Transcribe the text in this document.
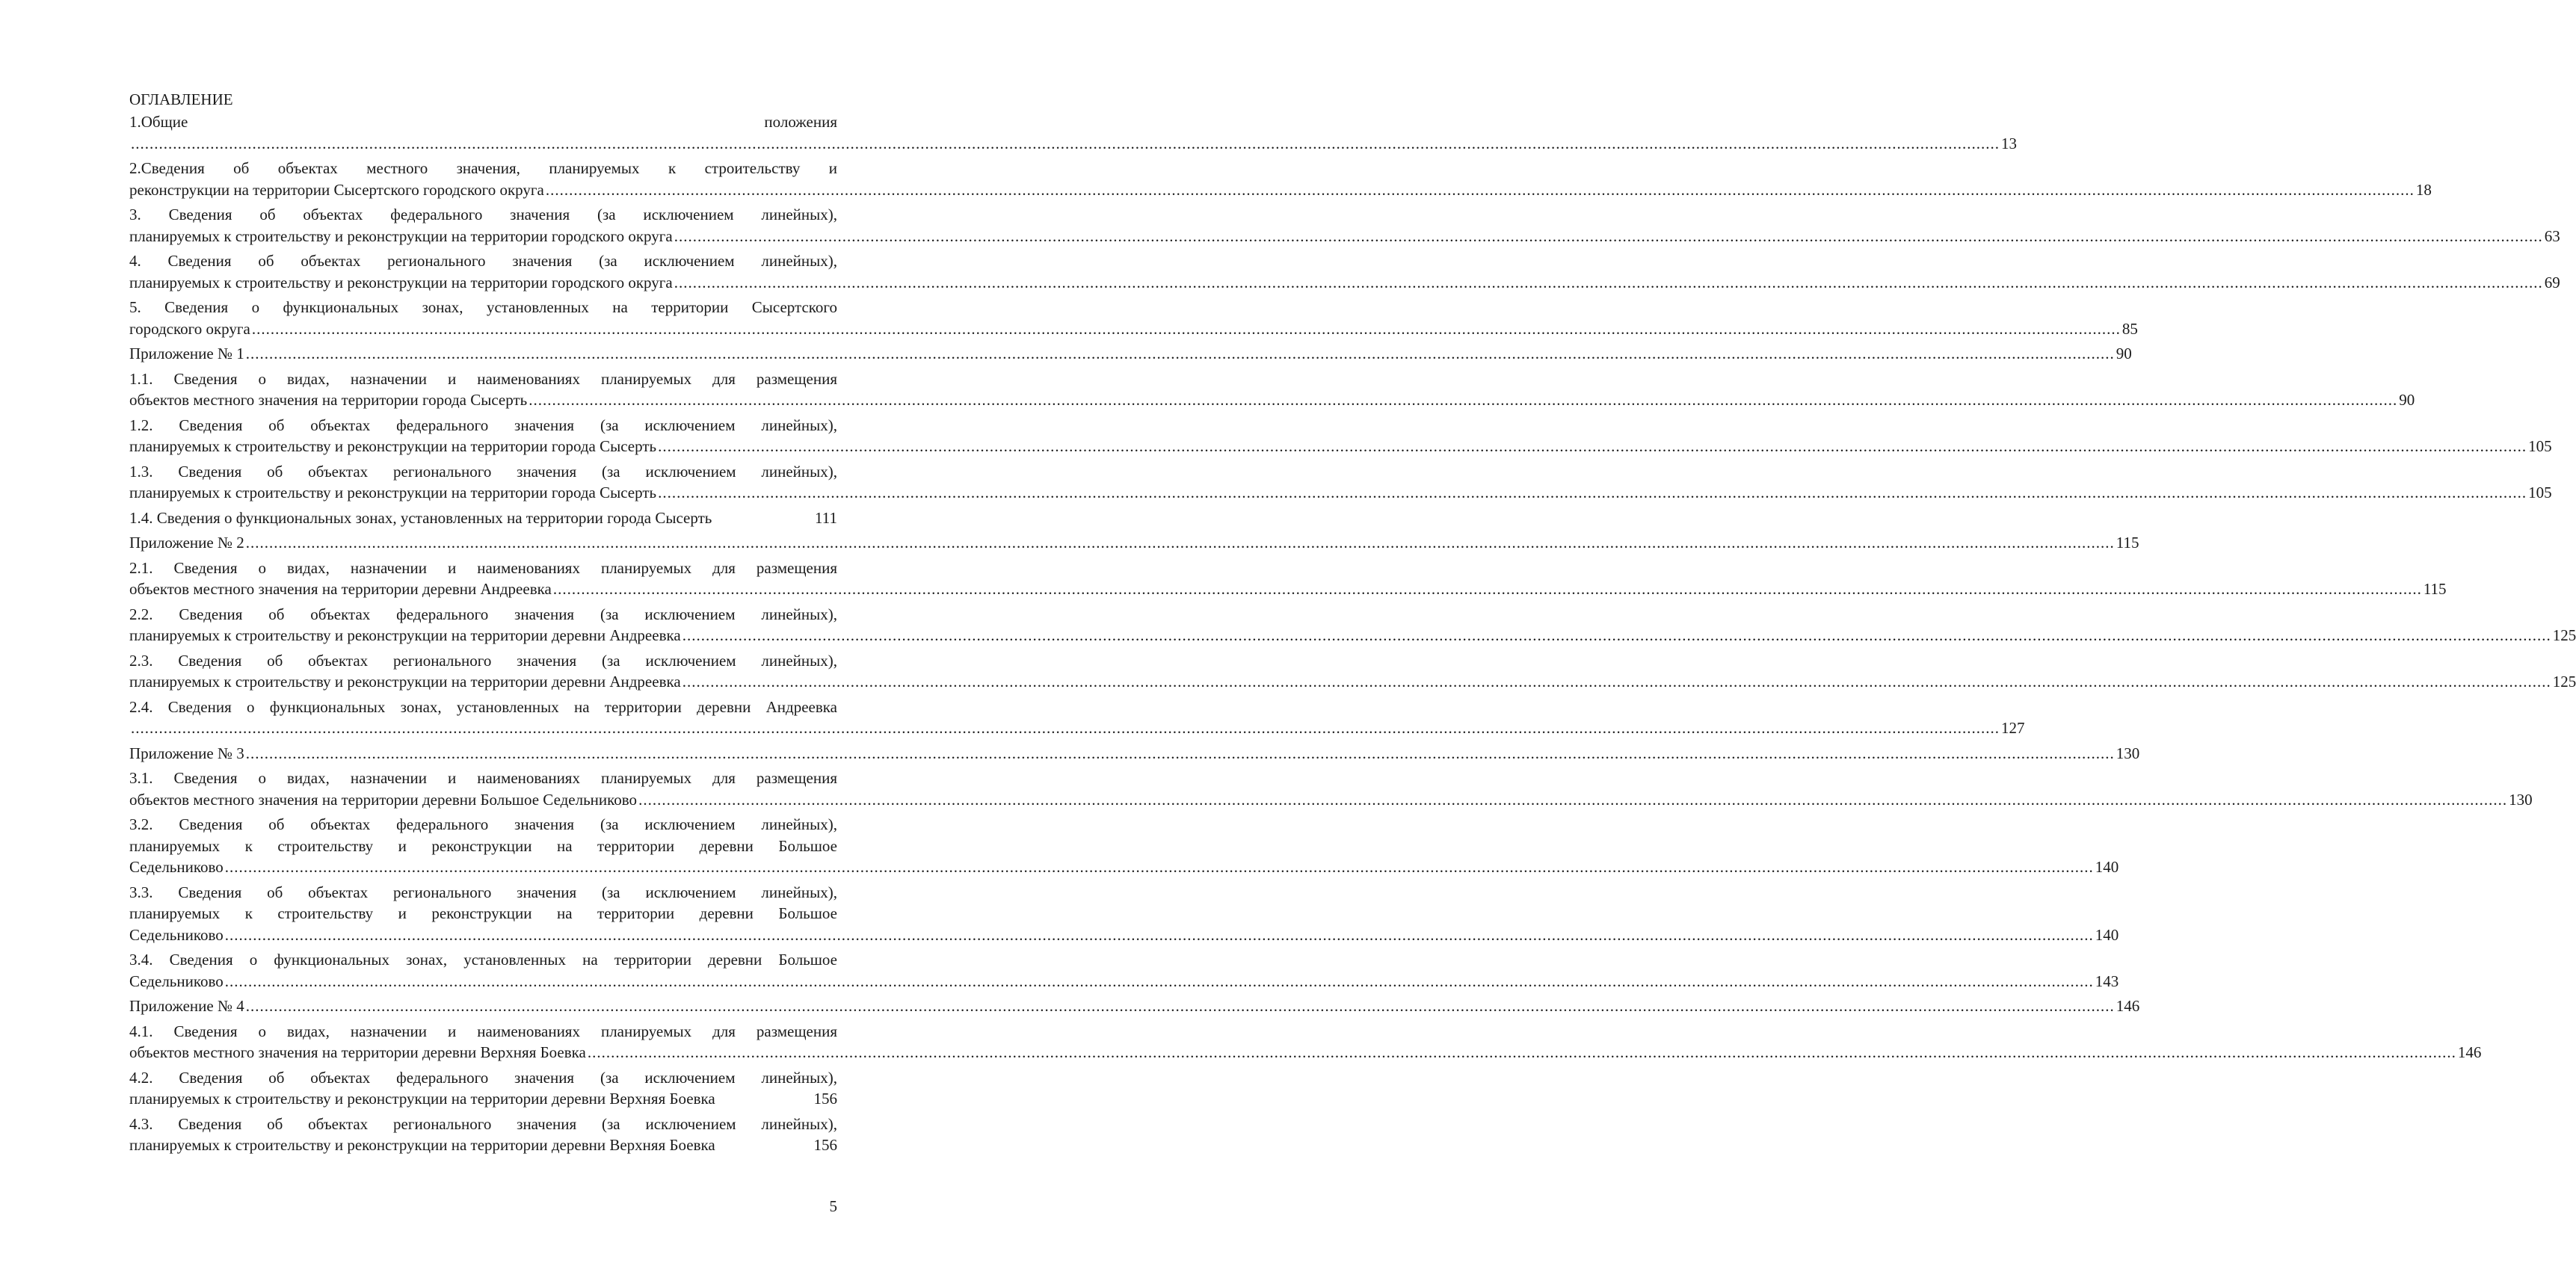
ОГЛАВЛЕНИЕ
1.Общие положения
................................................................................................................................................................................................................................................................................................................................................................................................................ 13
2.Сведения об объектах местного значения, планируемых к строительству и
реконструкции на территории Сысертского городского округа ................................................................................................................................................................................................................................................................................................................................................................................................................ 18
3. Сведения об объектах федерального значения (за исключением линейных),
планируемых к строительству и реконструкции на территории городского округа ................................................................................................................................................................................................................................................................................................................................................................................................................ 63
4. Сведения об объектах регионального значения (за исключением линейных),
планируемых к строительству и реконструкции на территории городского округа ................................................................................................................................................................................................................................................................................................................................................................................................................ 69
5. Сведения о функциональных зонах, установленных на территории Сысертского
городского округа ................................................................................................................................................................................................................................................................................................................................................................................................................ 85
Приложение № 1 ................................................................................................................................................................................................................................................................................................................................................................................................................ 90
1.1. Сведения о видах, назначении и наименованиях планируемых для размещения
объектов местного значения на территории города Сысерть ................................................................................................................................................................................................................................................................................................................................................................................................................ 90
1.2. Сведения об объектах федерального значения (за исключением линейных),
планируемых к строительству и реконструкции на территории города Сысерть ................................................................................................................................................................................................................................................................................................................................................................................................................ 105
1.3. Сведения об объектах регионального значения (за исключением линейных),
планируемых к строительству и реконструкции на территории города Сысерть ................................................................................................................................................................................................................................................................................................................................................................................................................ 105
1.4. Сведения о функциональных зонах, установленных на территории города Сысерть	111
Приложение № 2 ................................................................................................................................................................................................................................................................................................................................................................................................................ 115
2.1. Сведения о видах, назначении и наименованиях планируемых для размещения
объектов местного значения на территории деревни Андреевка ................................................................................................................................................................................................................................................................................................................................................................................................................ 115
2.2. Сведения об объектах федерального значения (за исключением линейных),
планируемых к строительству и реконструкции на территории деревни Андреевка ................................................................................................................................................................................................................................................................................................................................................................................................................ 125
2.3. Сведения об объектах регионального значения (за исключением линейных),
планируемых к строительству и реконструкции на территории деревни Андреевка ................................................................................................................................................................................................................................................................................................................................................................................................................ 125
2.4. Сведения о функциональных зонах, установленных на территории деревни Андреевка
................................................................................................................................................................................................................................................................................................................................................................................................................ 127
Приложение № 3 ................................................................................................................................................................................................................................................................................................................................................................................................................ 130
3.1. Сведения о видах, назначении и наименованиях планируемых для размещения
объектов местного значения на территории деревни Большое Седельниково ................................................................................................................................................................................................................................................................................................................................................................................................................ 130
3.2. Сведения об объектах федерального значения (за исключением линейных),
планируемых к строительству и реконструкции на территории деревни Большое
Седельниково ................................................................................................................................................................................................................................................................................................................................................................................................................ 140
3.3. Сведения об объектах регионального значения (за исключением линейных),
планируемых к строительству и реконструкции на территории деревни Большое
Седельниково ................................................................................................................................................................................................................................................................................................................................................................................................................ 140
3.4. Сведения о функциональных зонах, установленных на территории деревни Большое
Седельниково ................................................................................................................................................................................................................................................................................................................................................................................................................ 143
Приложение № 4 ................................................................................................................................................................................................................................................................................................................................................................................................................ 146
4.1. Сведения о видах, назначении и наименованиях планируемых для размещения
объектов местного значения на территории деревни Верхняя Боевка ................................................................................................................................................................................................................................................................................................................................................................................................................ 146
4.2. Сведения об объектах федерального значения (за исключением линейных),
планируемых к строительству и реконструкции на территории деревни Верхняя Боевка	156
4.3. Сведения об объектах регионального значения (за исключением линейных),
планируемых к строительству и реконструкции на территории деревни Верхняя Боевка	156
5
